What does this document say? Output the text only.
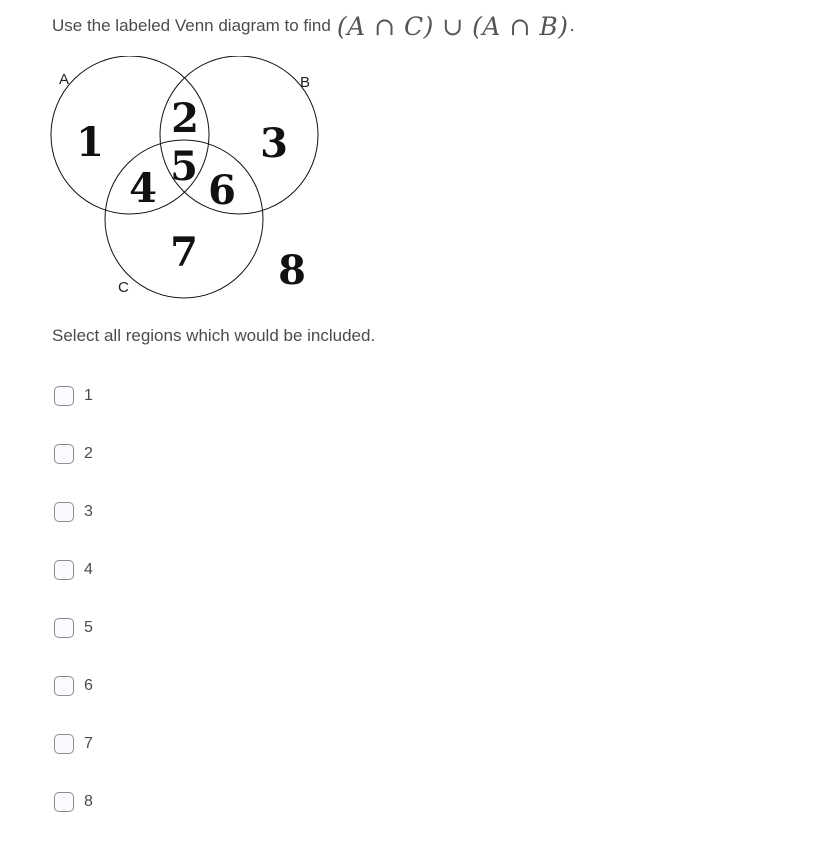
Use the labeled Venn diagram to find (A ∩ C) ∪ (A ∩ B) .
A	B
C
1
2
3
4 5
6
7 8
Select all regions which would be included.
1
2
3
4
5
6
7
8
